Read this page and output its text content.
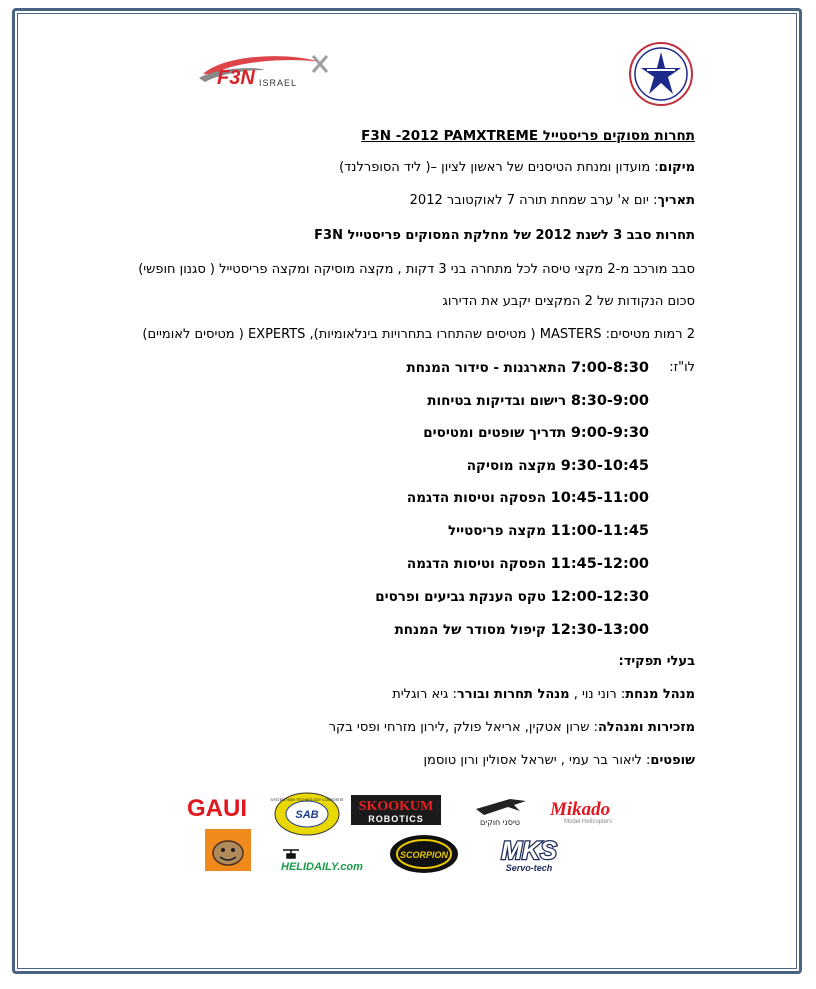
F3N ISRAEL
תחרות מסוקים פריסטייל F3N -2012 PAMXTREME
מיקום: מועדון ומנחת הטיסנים של ראשון לציון –( ליד הסופרלנד)
תאריך: יום א' ערב שמחת תורה 7 לאוקטובר 2012
תחרות סבב 3 לשנת 2012 של מחלקת המסוקים פריסטייל F3N
סבב מורכב מ-2 מקצי טיסה לכל מתחרה בני 3 דקות , מקצה מוסיקה ומקצה פריסטייל ( סגנון חופשי)
סכום הנקודות של 2 המקצים יקבע את הדירוג
2 רמות מטיסים: MASTERS ( מטיסים שהתחרו בתחרויות בינלאומיות), EXPERTS ( מטיסים לאומיים)
לו"ז:
7:00-8:30 התארגנות - סידור המנחת
8:30-9:00 רישום ובדיקות בטיחות
9:00-9:30 תדריך שופטים ומטיסים
9:30-10:45 מקצה מוסיקה
10:45-11:00 הפסקה וטיסות הדגמה
11:00-11:45 מקצה פריסטייל
11:45-12:00 הפסקה וטיסות הדגמה
12:00-12:30 טקס הענקת גביעים ופרסים
12:30-13:00 קיפול מסודר של המנחת
בעלי תפקיד:
מנהל מנחת: רוני נוי , מנהל תחרות ובורר: גיא רוגלית
מזכירות ומנהלה: שרון אטקין, אריאל פולק ,לירון מזרחי ופסי בקר
שופטים: ליאור בר עמי , ישראל אסולין ורון טוסמן
GAUI	SAB
SYSTEM HIGH TECHNOLOGY COMPOSITE SKOOKUM
ROBOTICS	טיסני חוקים
Mikado
Model Helicopters
HELIDAILY.com
SCORPION MKS
Servo-tech
